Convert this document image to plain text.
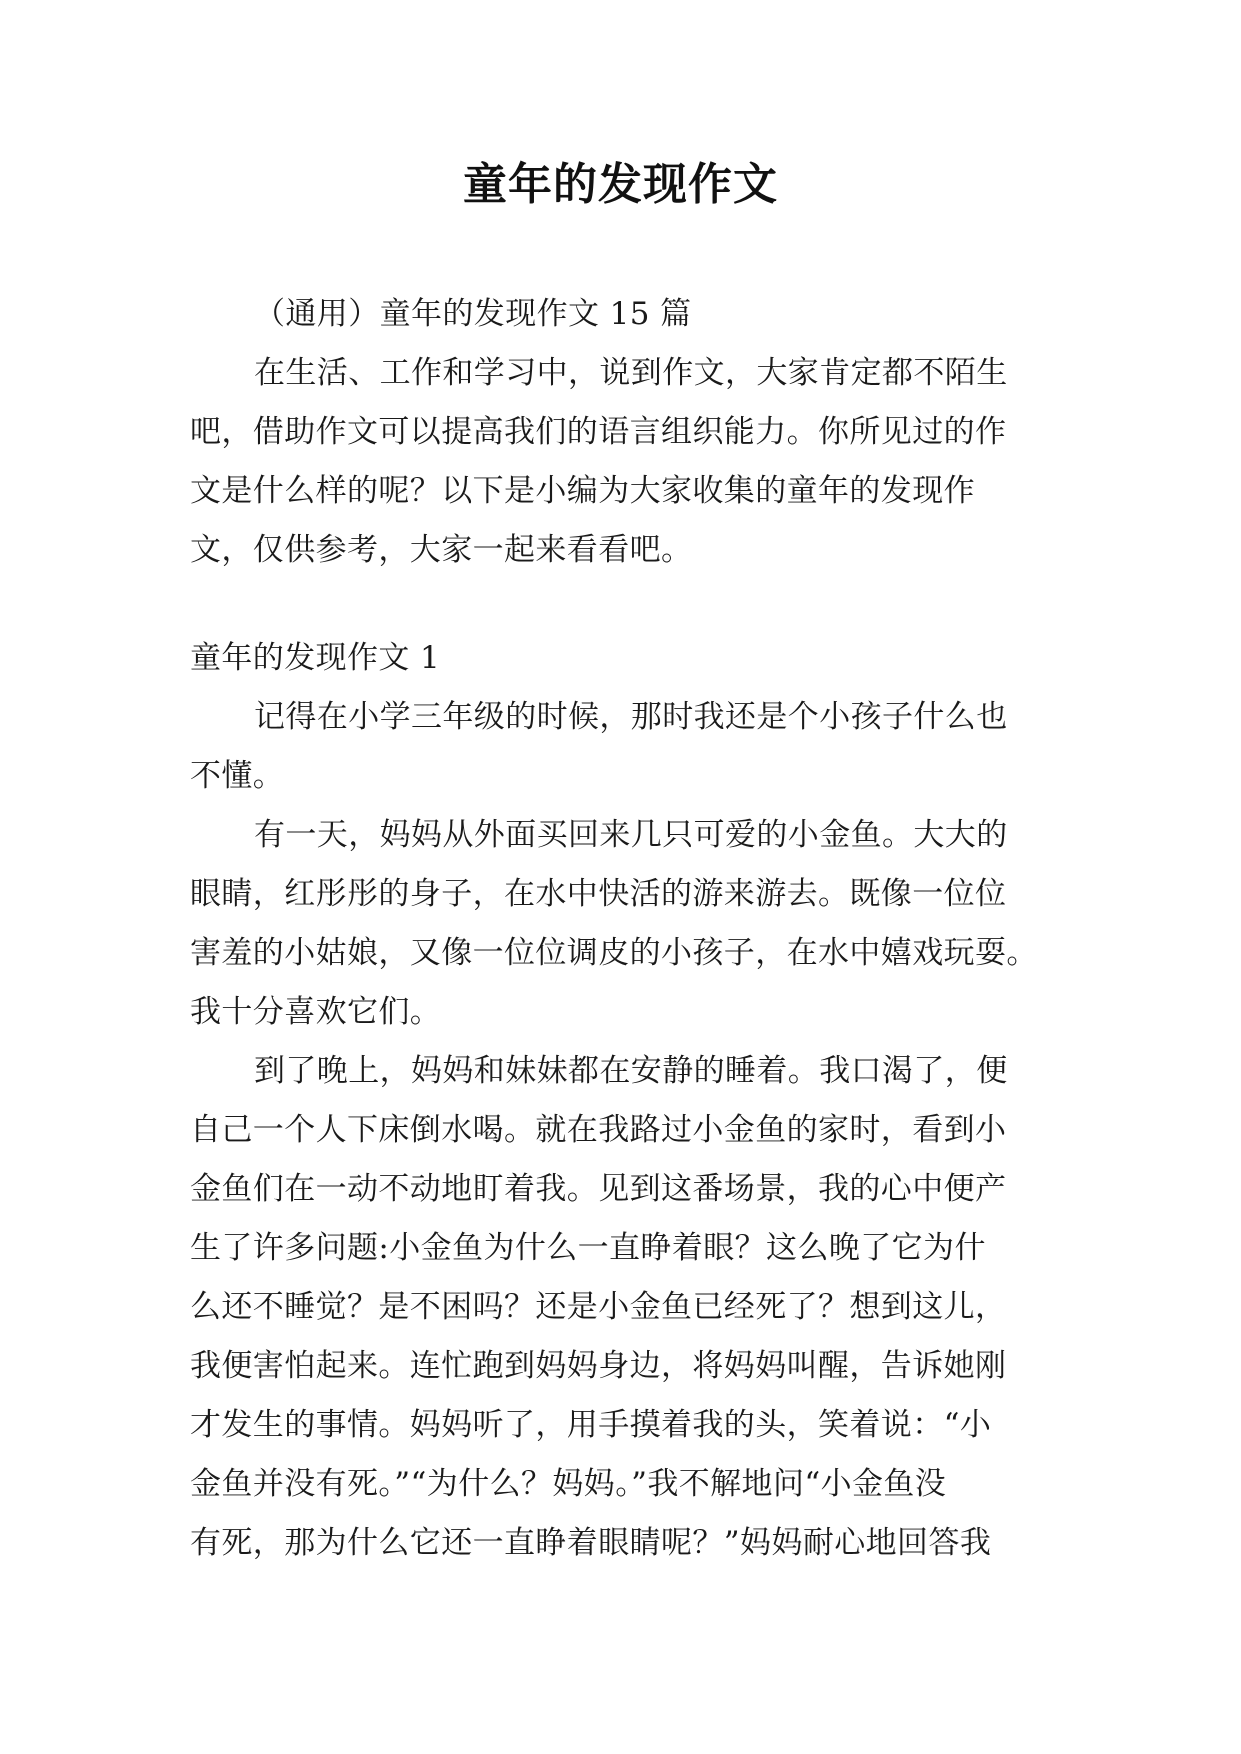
童年的发现作文
（通用）童年的发现作文 15 篇
在生活、工作和学习中，说到作文，大家肯定都不陌生
吧，借助作文可以提高我们的语言组织能力。你所见过的作
文是什么样的呢？以下是小编为大家收集的童年的发现作
文，仅供参考，大家一起来看看吧。
童年的发现作文 1
记得在小学三年级的时候，那时我还是个小孩子什么也
不懂。
有一天，妈妈从外面买回来几只可爱的小金鱼。大大的
眼睛，红彤彤的身子，在水中快活的游来游去。既像一位位
害羞的小姑娘，又像一位位调皮的小孩子，在水中嬉戏玩耍。
我十分喜欢它们。
到了晚上，妈妈和妹妹都在安静的睡着。我口渴了，便
自己一个人下床倒水喝。就在我路过小金鱼的家时，看到小
金鱼们在一动不动地盯着我。见到这番场景，我的心中便产
生了许多问题:小金鱼为什么一直睁着眼？这么晚了它为什
么还不睡觉？是不困吗？还是小金鱼已经死了？想到这儿，
我便害怕起来。连忙跑到妈妈身边，将妈妈叫醒，告诉她刚
才发生的事情。妈妈听了，用手摸着我的头，笑着说：“小
金鱼并没有死。”“为什么？妈妈。”我不解地问“小金鱼没
有死，那为什么它还一直睁着眼睛呢？”妈妈耐心地回答我
